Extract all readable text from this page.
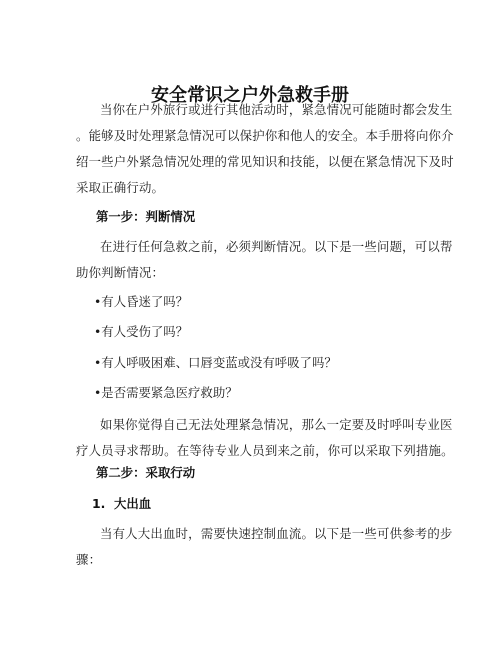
安全常识之户外急救手册

当你在户外旅行或进行其他活动时，紧急情况可能随时都会发生
。能够及时处理紧急情况可以保护你和他人的安全。本手册将向你介
绍一些户外紧急情况处理的常见知识和技能，以便在紧急情况下及时
采取正确行动。

第一步：判断情况

在进行任何急救之前，必须判断情况。以下是一些问题，可以帮
助你判断情况：

•有人昏迷了吗？
•有人受伤了吗？
•有人呼吸困难、口唇变蓝或没有呼吸了吗？
•是否需要紧急医疗救助？

如果你觉得自己无法处理紧急情况，那么一定要及时呼叫专业医
疗人员寻求帮助。在等待专业人员到来之前，你可以采取下列措施。

第二步：采取行动
1.  大出血

当有人大出血时，需要快速控制血流。以下是一些可供参考的步
骤：
